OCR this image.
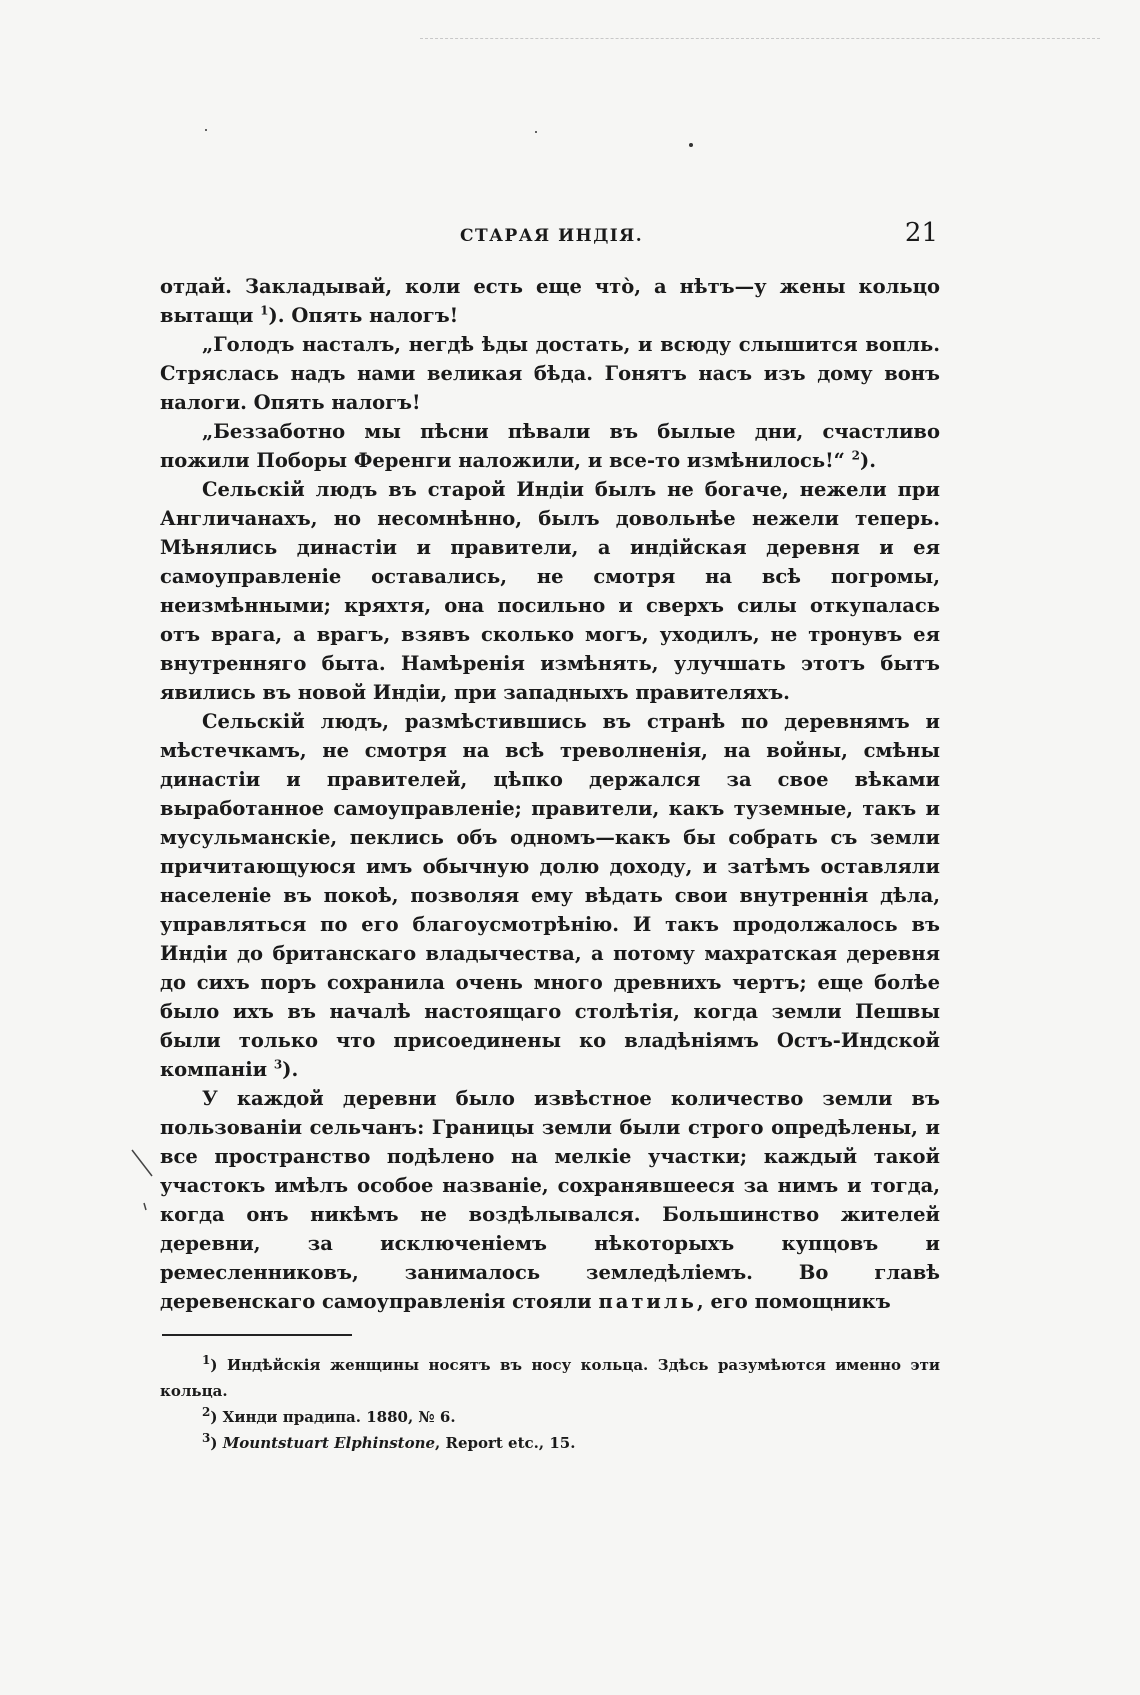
СТАРАЯ ИНДІЯ.	21

отдай. Закладывай, коли есть еще что̀, а нѣтъ—у жены кольцо вытащи $^1$). Опять налогъ!

„Голодъ насталъ, негдѣ ѣды достать, и всюду слышится вопль. Стряслась надъ нами великая бѣда. Гонятъ насъ изъ дому вонъ налоги. Опять налогъ!

„Беззаботно мы пѣсни пѣвали въ былые дни, счастливо пожили Поборы Ференги наложили, и все-то измѣнилось!“ $^2$).

Сельскій людъ въ старой Индіи былъ не богаче, нежели при Англичанахъ, но несомнѣнно, былъ довольнѣе нежели теперь. Мѣнялись династіи и правители, а индійская деревня и ея самоуправленіе оставались, не смотря на всѣ погромы, неизмѣнными; кряхтя, она посильно и сверхъ силы откупалась отъ врага, а врагъ, взявъ сколько могъ, уходилъ, не тронувъ ея внутренняго быта. Намѣренія измѣнять, улучшать этотъ бытъ явились въ новой Индіи, при западныхъ правителяхъ.

Сельскій людъ, размѣстившись въ странѣ по деревнямъ и мѣстечкамъ, не смотря на всѣ треволненія, на войны, смѣны династіи и правителей, цѣпко держался за свое вѣками выработанное самоуправленіе; правители, какъ туземные, такъ и мусульманскіе, пеклись объ одномъ—какъ бы собрать съ земли причитающуюся имъ обычную долю доходу, и затѣмъ оставляли населеніе въ покоѣ, позволяя ему вѣдать свои внутреннія дѣла, управляться по его благоусмотрѣнію. И такъ продолжалось въ Индіи до британскаго владычества, а потому махратская деревня до сихъ поръ сохранила очень много древнихъ чертъ; еще болѣе было ихъ въ началѣ настоящаго столѣтія, когда земли Пешвы были только что присоединены ко владѣніямъ Остъ-Индской компаніи $^3$).

У каждой деревни было извѣстное количество земли въ пользованіи сельчанъ: Границы земли были строго опредѣлены, и все пространство подѣлено на мелкіе участки; каждый такой участокъ имѣлъ особое названіе, сохранявшееся за нимъ и тогда, когда онъ никѣмъ не воздѣлывался. Большинство жителей деревни, за исключеніемъ нѣкоторыхъ купцовъ и ремесленниковъ, занималось земледѣліемъ. Во главѣ деревенскаго самоуправленія стояли патиль, его помощникъ

$^1$) Индѣйскія женщины носятъ въ носу кольца. Здѣсь разумѣются именно эти кольца.

$^2$) Хинди прадипа. 1880, № 6.

$^3$) Mountstuart Elphinstone, Report etc., 15.
